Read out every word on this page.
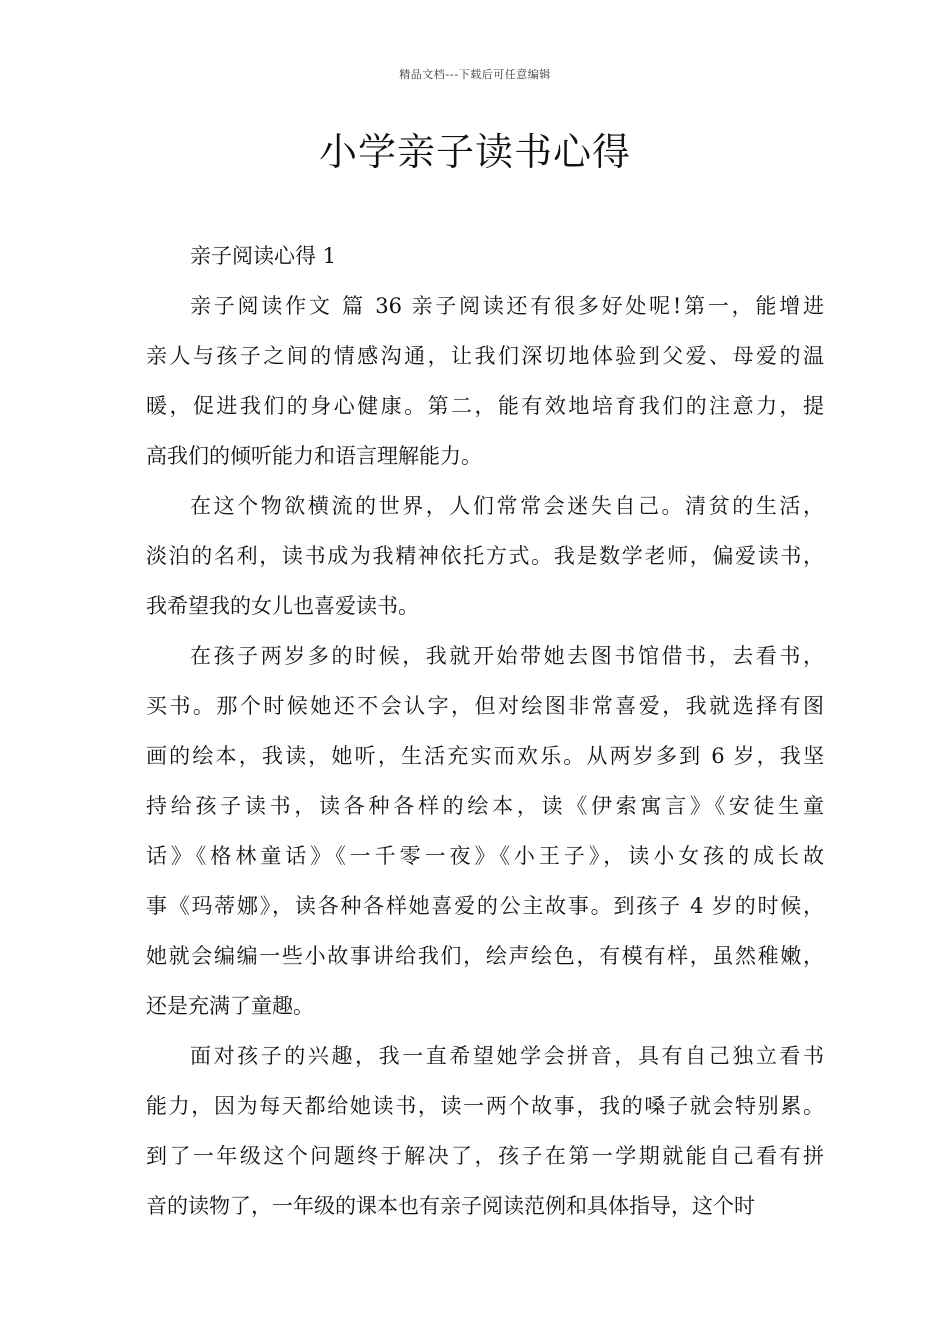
精品文档---下载后可任意编辑
小学亲子读书心得
亲子阅读心得 1
亲子阅读作文 篇 36 亲子阅读还有很多好处呢!第一，能增进
亲人与孩子之间的情感沟通，让我们深切地体验到父爱、母爱的温
暖，促进我们的身心健康。第二，能有效地培育我们的注意力，提
高我们的倾听能力和语言理解能力。
在这个物欲横流的世界，人们常常会迷失自己。清贫的生活，
淡泊的名利，读书成为我精神依托方式。我是数学老师，偏爱读书，
我希望我的女儿也喜爱读书。
在孩子两岁多的时候，我就开始带她去图书馆借书，去看书，
买书。那个时候她还不会认字，但对绘图非常喜爱，我就选择有图
画的绘本，我读，她听，生活充实而欢乐。从两岁多到 6 岁，我坚
持给孩子读书，读各种各样的绘本，读《伊索寓言》《安徒生童
话》《格林童话》《一千零一夜》《小王子》，读小女孩的成长故
事《玛蒂娜》，读各种各样她喜爱的公主故事。到孩子 4 岁的时候，
她就会编编一些小故事讲给我们，绘声绘色，有模有样，虽然稚嫩，
还是充满了童趣。
面对孩子的兴趣，我一直希望她学会拼音，具有自己独立看书
能力，因为每天都给她读书，读一两个故事，我的嗓子就会特别累。
到了一年级这个问题终于解决了，孩子在第一学期就能自己看有拼
音的读物了，一年级的课本也有亲子阅读范例和具体指导，这个时
